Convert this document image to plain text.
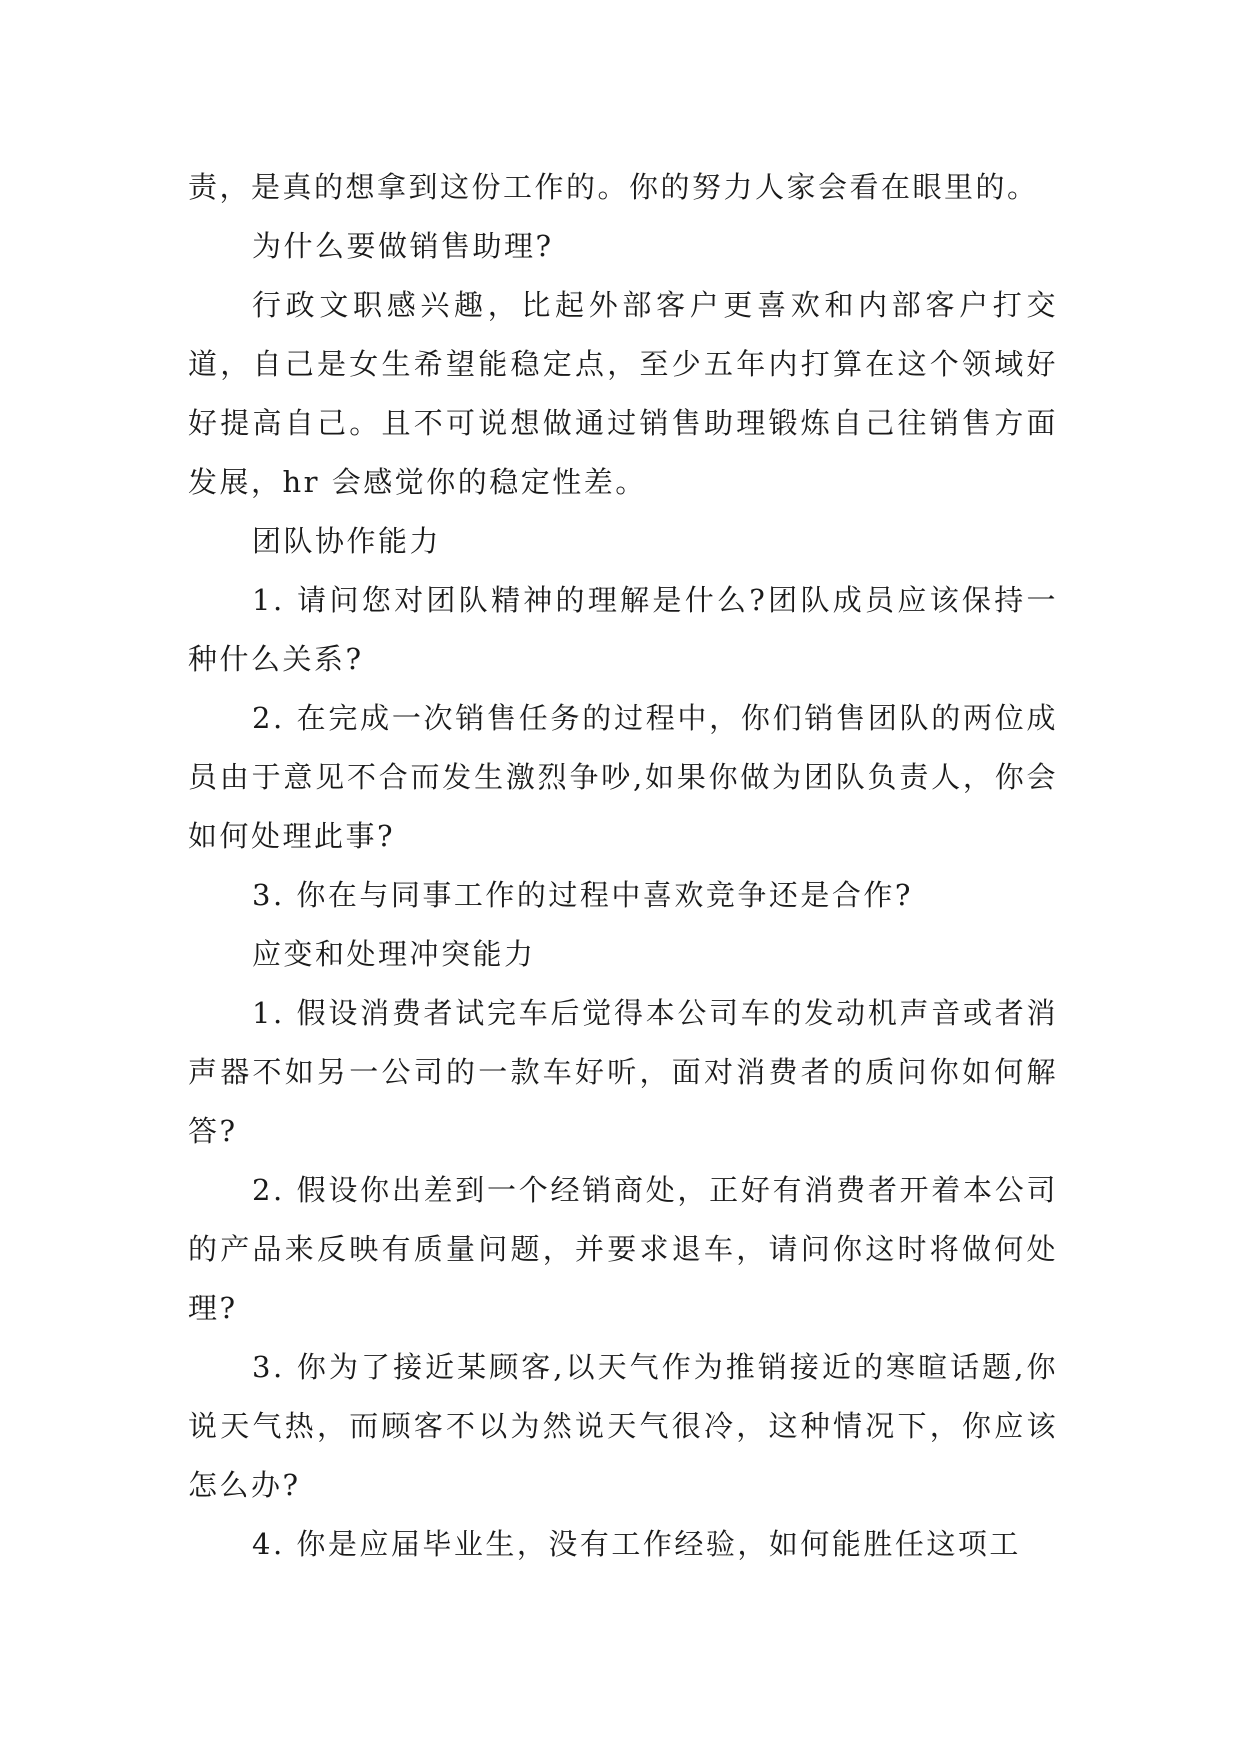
责，是真的想拿到这份工作的。你的努力人家会看在眼里的。

为什么要做销售助理?

行政文职感兴趣，比起外部客户更喜欢和内部客户打交道，自己是女生希望能稳定点，至少五年内打算在这个领域好好提高自己。且不可说想做通过销售助理锻炼自己往销售方面发展，hr 会感觉你的稳定性差。

团队协作能力

1. 请问您对团队精神的理解是什么?团队成员应该保持一种什么关系?

2. 在完成一次销售任务的过程中，你们销售团队的两位成员由于意见不合而发生激烈争吵,如果你做为团队负责人，你会如何处理此事?

3. 你在与同事工作的过程中喜欢竞争还是合作?

应变和处理冲突能力

1. 假设消费者试完车后觉得本公司车的发动机声音或者消声器不如另一公司的一款车好听，面对消费者的质问你如何解答?

2. 假设你出差到一个经销商处，正好有消费者开着本公司的产品来反映有质量问题，并要求退车，请问你这时将做何处理?

3. 你为了接近某顾客,以天气作为推销接近的寒暄话题,你说天气热，而顾客不以为然说天气很冷，这种情况下，你应该怎么办?

4. 你是应届毕业生，没有工作经验，如何能胜任这项工
